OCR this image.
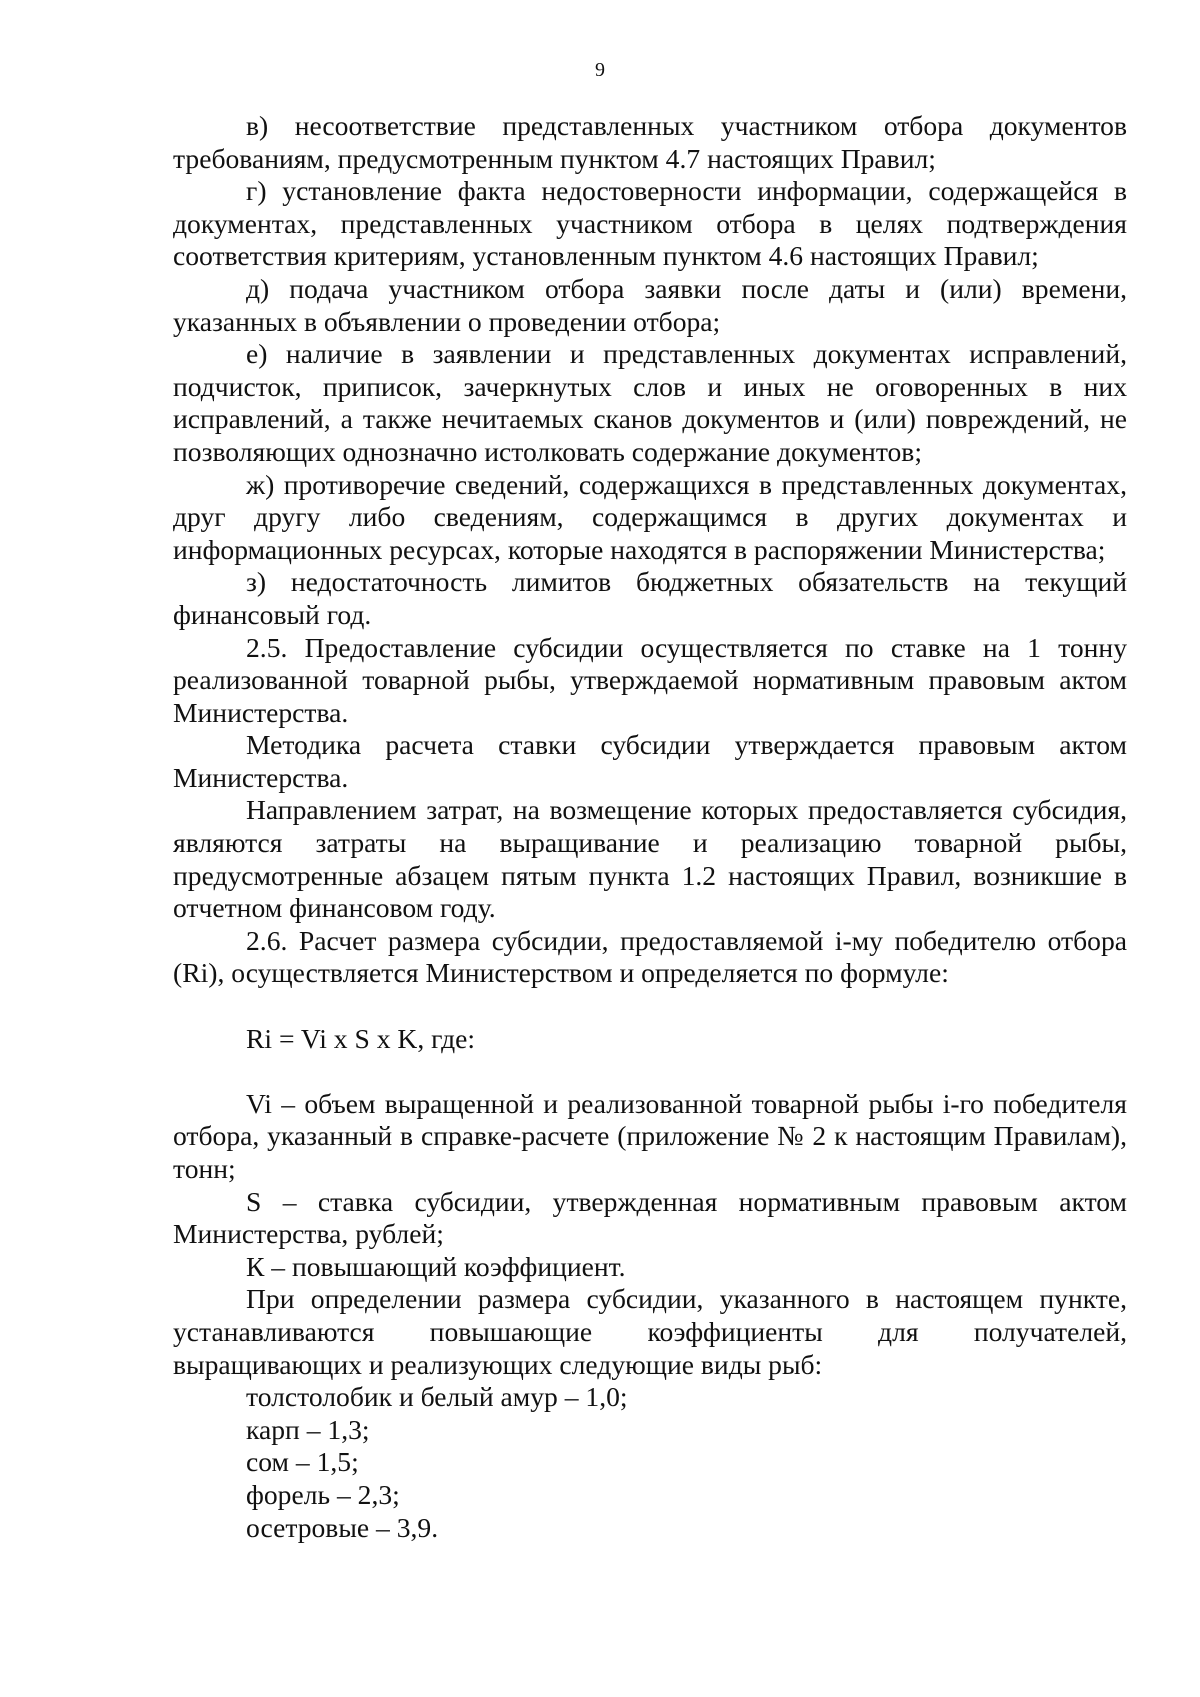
9

в) несоответствие представленных участником отбора документов требованиям, предусмотренным пунктом 4.7 настоящих Правил;

г) установление факта недостоверности информации, содержащейся в документах, представленных участником отбора в целях подтверждения соответствия критериям, установленным пунктом 4.6 настоящих Правил;

д) подача участником отбора заявки после даты и (или) времени, указанных в объявлении о проведении отбора;

е) наличие в заявлении и представленных документах исправлений, подчисток, приписок, зачеркнутых слов и иных не оговоренных в них исправлений, а также нечитаемых сканов документов и (или) повреждений, не позволяющих однозначно истолковать содержание документов;

ж) противоречие сведений, содержащихся в представленных документах, друг другу либо сведениям, содержащимся в других документах и информационных ресурсах, которые находятся в распоряжении Министерства;

з) недостаточность лимитов бюджетных обязательств на текущий финансовый год.

2.5. Предоставление субсидии осуществляется по ставке на 1 тонну реализованной товарной рыбы, утверждаемой нормативным правовым актом Министерства.

Методика расчета ставки субсидии утверждается правовым актом Министерства.

Направлением затрат, на возмещение которых предоставляется субсидия, являются затраты на выращивание и реализацию товарной рыбы, предусмотренные абзацем пятым пункта 1.2 настоящих Правил, возникшие в отчетном финансовом году.

2.6. Расчет размера субсидии, предоставляемой i-му победителю отбора (Ri), осуществляется Министерством и определяется по формуле:

Ri = Vi x S x K, где:

Vi – объем выращенной и реализованной товарной рыбы i-го победителя отбора, указанный в справке-расчете (приложение № 2 к настоящим Правилам), тонн;

S – ставка субсидии, утвержденная нормативным правовым актом Министерства, рублей;

К – повышающий коэффициент.

При определении размера субсидии, указанного в настоящем пункте, устанавливаются повышающие коэффициенты для получателей, выращивающих и реализующих следующие виды рыб:

толстолобик и белый амур – 1,0;

карп – 1,3;

сом – 1,5;

форель – 2,3;

осетровые – 3,9.
